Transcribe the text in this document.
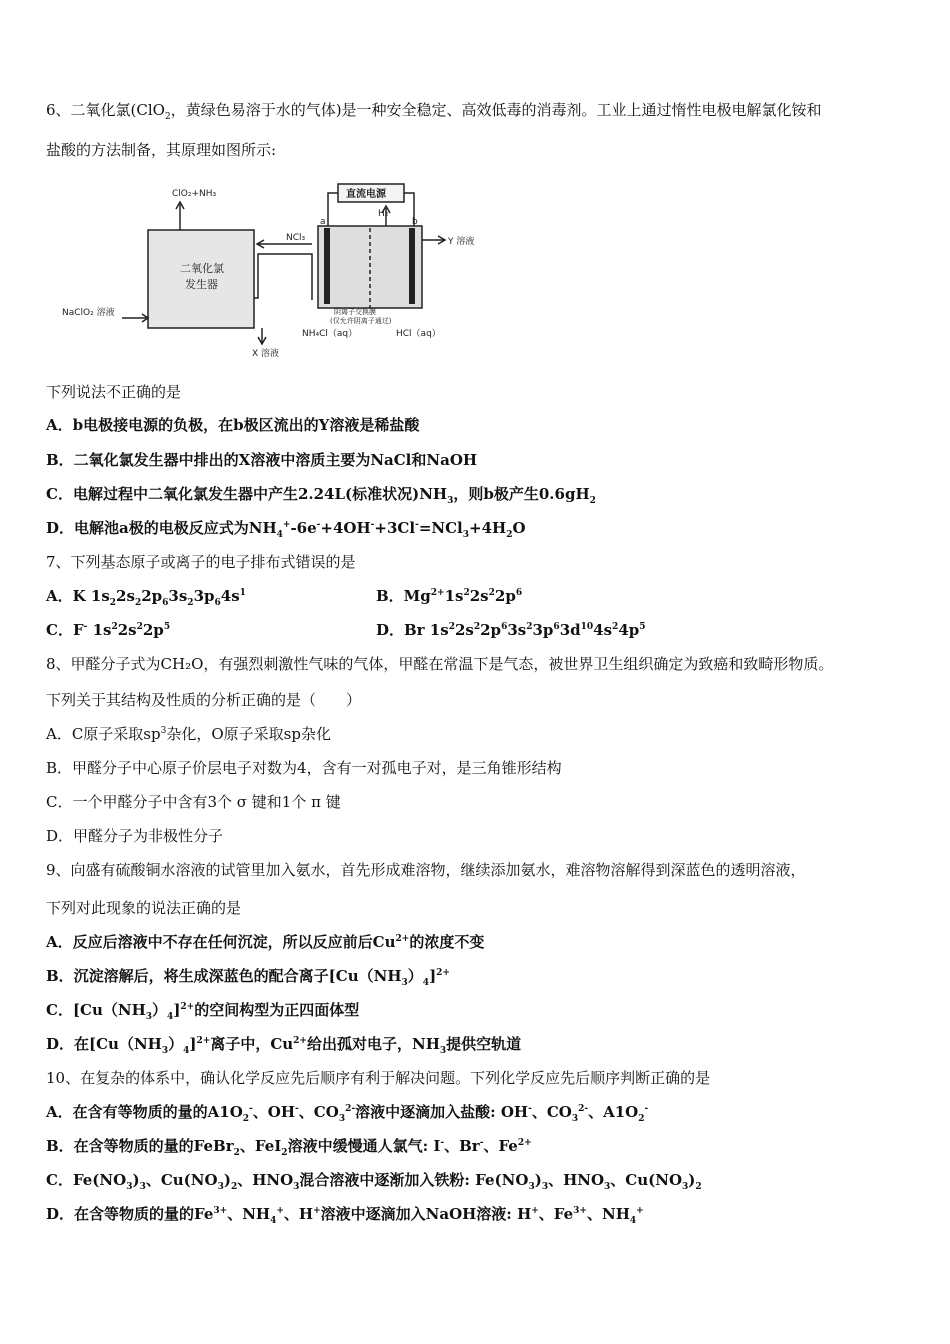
6、二氧化氯(ClO$_2$，黄绿色易溶于水的气体)是一种安全稳定、高效低毒的消毒剂。工业上通过惰性电极电解氯化铵和
盐酸的方法制备，其原理如图所示:
ClO₂+NH₃
二氧化氯
发生器
NCl₃
直流电源
H₂
a	b
Y 溶液
阴离子交换膜
(仅允许阴离子通过)
NaClO₂ 溶液
X 溶液
NH₄Cl（aq）	HCl（aq）
下列说法不正确的是
A．b电极接电源的负极，在b极区流出的Y溶液是稀盐酸
B．二氧化氯发生器中排出的X溶液中溶质主要为NaCl和NaOH
C．电解过程中二氧化氯发生器中产生2.24L(标准状况)$NH_3$，则b极产生$0.6gH_2$
D．电解池a极的电极反应式为$NH_4^+-6e^-+4OH^-+3Cl^-=NCl_3+4H_2O$
7、下列基态原子或离子的电子排布式错误的是
A．K $1s_22s_22p_63s_23p_64s^1$	B．$Mg^{2+}1s^22s^22p^6$
C．F- $1s^22s^22p^5$	D．Br $1s^22s^22p^63s^23p^63d^{10}4s^24p^5$
8、甲醛分子式为CH₂O，有强烈刺激性气味的气体，甲醛在常温下是气态，被世界卫生组织确定为致癌和致畸形物质。
下列关于其结构及性质的分析正确的是（　　）
A．C原子采取$sp^3$杂化，O原子采取sp杂化
B．甲醛分子中心原子价层电子对数为4，含有一对孤电子对，是三角锥形结构
C．一个甲醛分子中含有3个 σ 键和1个 π 键
D．甲醛分子为非极性分子
9、向盛有硫酸铜水溶液的试管里加入氨水，首先形成难溶物，继续添加氨水，难溶物溶解得到深蓝色的透明溶液，
下列对此现象的说法正确的是
A．反应后溶液中不存在任何沉淀，所以反应前后$Cu^{2+}$的浓度不变
B．沉淀溶解后，将生成深蓝色的配合离子$[Cu(NH_3)_4]^{2+}$
C．$[Cu(NH_3)_4]^{2+}$的空间构型为正四面体型
D．在$[Cu(NH_3)_4]^{2+}$离子中，$Cu^{2+}$给出孤对电子，$NH_3$提供空轨道
10、在复杂的体系中，确认化学反应先后顺序有利于解决问题。下列化学反应先后顺序判断正确的是
A．在含有等物质的量的$A1O_2^-$、OH-、$CO_3^{2-}$溶液中逐滴加入盐酸: OH-、$CO_3^{2-}$、$A1O_2^-$
B．在含等物质的量的FeBr$_2$、FeI$_2$溶液中缓慢通人氯气: I-、Br-、$Fe^{2+}$
C．$Fe(NO_3)_3$、$Cu(NO_3)_2$、$HNO_3$混合溶液中逐渐加入铁粉: $Fe(NO_3)_3$、$HNO_3$、$Cu(NO_3)_2$
D．在含等物质的量的$Fe^{3+}$、$NH_4^+$、H+溶液中逐滴加入NaOH溶液: H+、$Fe^{3+}$、$NH_4^+$
